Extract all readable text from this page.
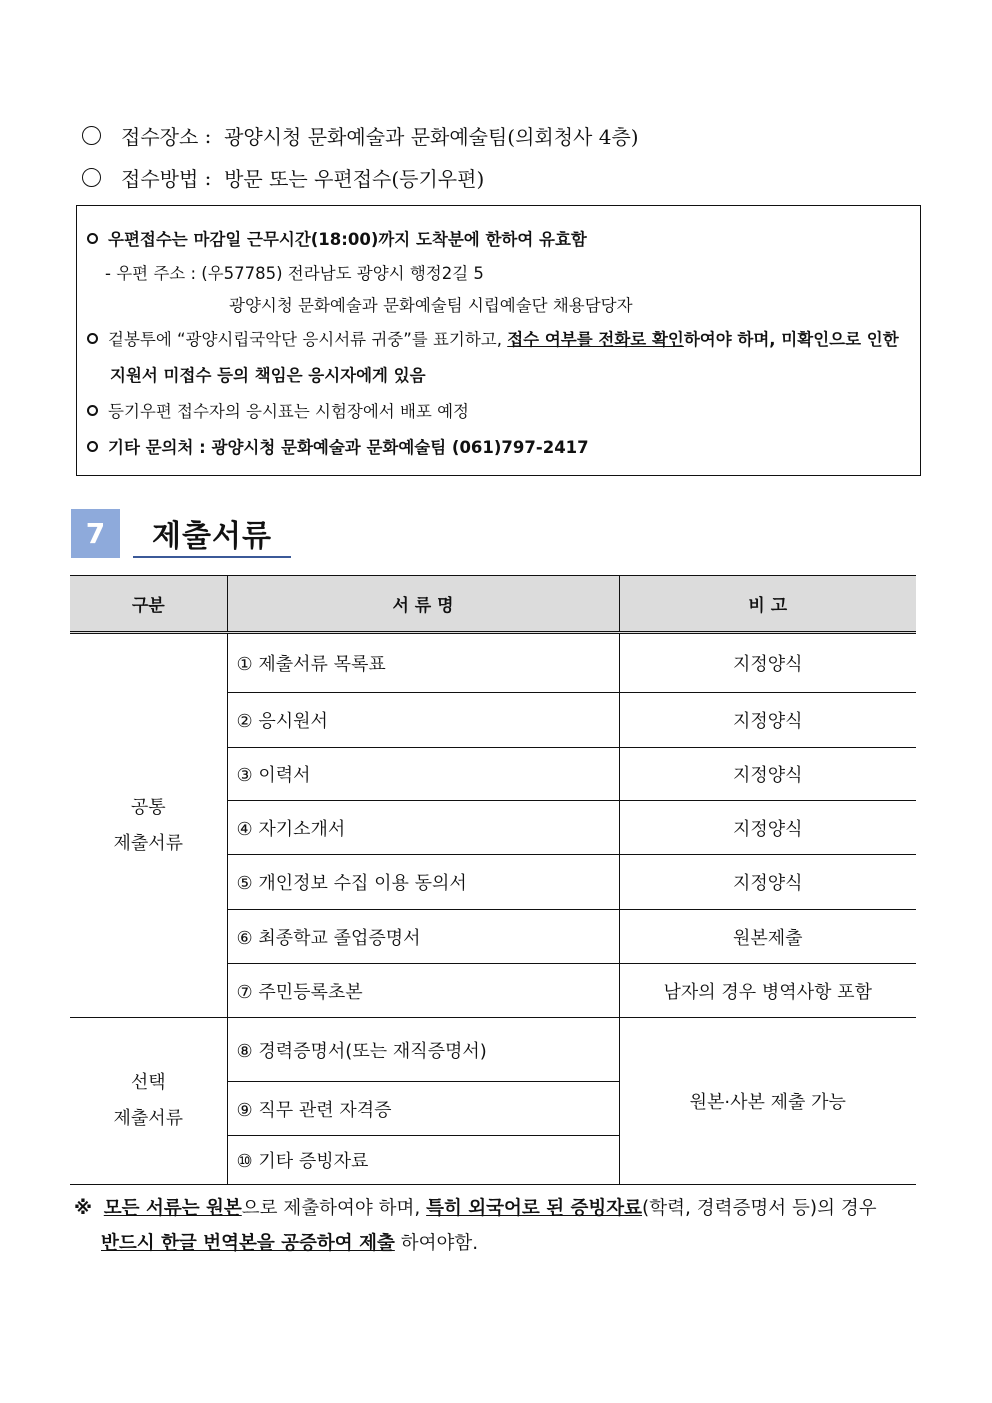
접수장소 : 광양시청 문화예술과 문화예술팀(의회청사 4층)
접수방법 : 방문 또는 우편접수(등기우편)
우편접수는 마감일 근무시간(18:00)까지 도착분에 한하여 유효함
- 우편 주소 : (우57785) 전라남도 광양시 행정2길 5
광양시청 문화예술과 문화예술팀 시립예술단 채용담당자
겉봉투에 “광양시립국악단 응시서류 귀중”를 표기하고, 접수 여부를 전화로 확인하여야 하며, 미확인으로 인한
지원서 미접수 등의 책임은 응시자에게 있음
등기우편 접수자의 응시표는 시험장에서 배포 예정
기타 문의처 : 광양시청 문화예술과 문화예술팀 (061)797-2417
7	제출서류
구분	서 류 명	비 고
공통
제출서류	① 제출서류 목록표	지정양식
	② 응시원서	지정양식
	③ 이력서	지정양식
	④ 자기소개서	지정양식
	⑤ 개인정보 수집 이용 동의서	지정양식
	⑥ 최종학교 졸업증명서	원본제출
	⑦ 주민등록초본	남자의 경우 병역사항 포함
선택
제출서류	⑧ 경력증명서(또는 재직증명서)	원본·사본 제출 가능
	⑨ 직무 관련 자격증	
	⑩ 기타 증빙자료	
※ 모든 서류는 원본으로 제출하여야 하며, 특히 외국어로 된 증빙자료(학력, 경력증명서 등)의 경우
반드시 한글 번역본을 공증하여 제출 하여야함.
